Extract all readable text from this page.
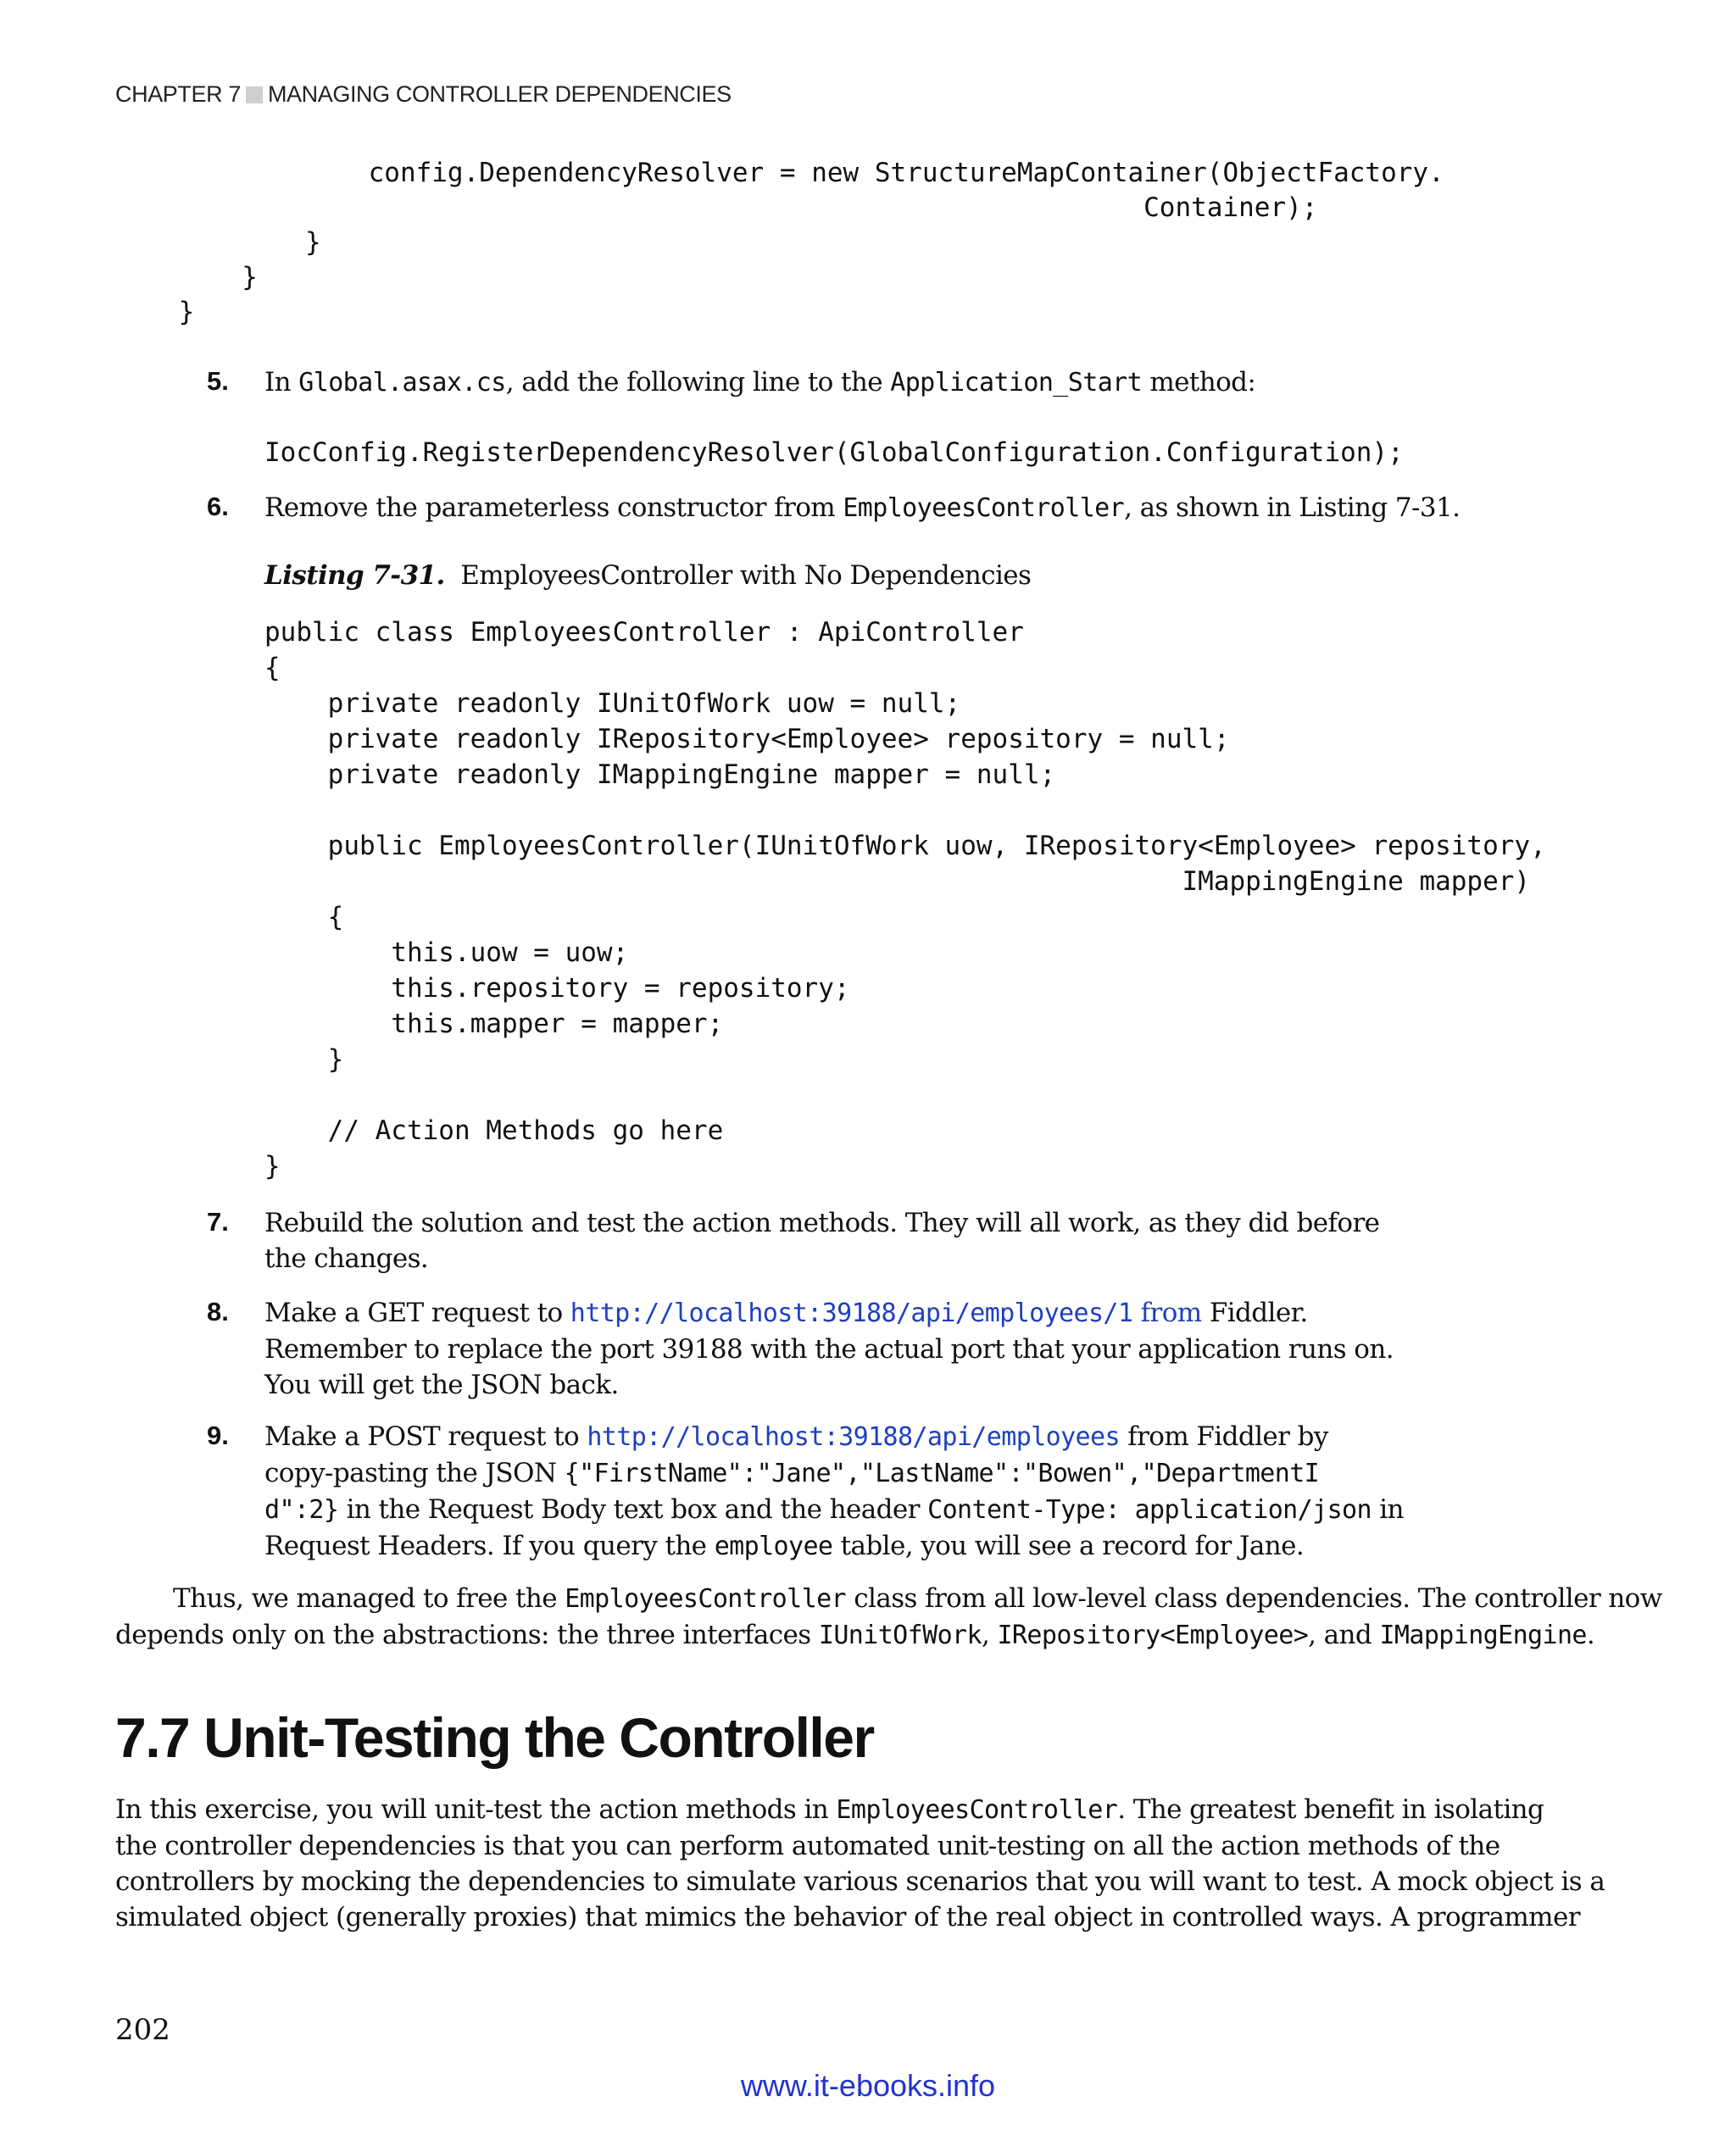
CHAPTER 7 MANAGING CONTROLLER DEPENDENCIES
config.DependencyResolver = new StructureMapContainer(ObjectFactory.
Container);
}
}
}
5. In Global.asax.cs, add the following line to the Application_Start method:
IocConfig.RegisterDependencyResolver(GlobalConfiguration.Configuration);
6. Remove the parameterless constructor from EmployeesController, as shown in Listing 7-31.
Listing 7-31. EmployeesController with No Dependencies
public class EmployeesController : ApiController
{
private readonly IUnitOfWork uow = null;
private readonly IRepository<Employee> repository = null;
private readonly IMappingEngine mapper = null;

public EmployeesController(IUnitOfWork uow, IRepository<Employee> repository,
IMappingEngine mapper)
{
this.uow = uow;
this.repository = repository;
this.mapper = mapper;
}

// Action Methods go here
}
7. Rebuild the solution and test the action methods. They will all work, as they did before
the changes.
8. Make a GET request to http://localhost:39188/api/employees/1 from Fiddler.
Remember to replace the port 39188 with the actual port that your application runs on.
You will get the JSON back.
9. Make a POST request to http://localhost:39188/api/employees from Fiddler by
copy-pasting the JSON {"FirstName":"Jane","LastName":"Bowen","DepartmentI
d":2} in the Request Body text box and the header Content-Type: application/json in
Request Headers. If you query the employee table, you will see a record for Jane.
Thus, we managed to free the EmployeesController class from all low-level class dependencies. The controller now
depends only on the abstractions: the three interfaces IUnitOfWork, IRepository<Employee>, and IMappingEngine.
7.7 Unit-Testing the Controller
In this exercise, you will unit-test the action methods in EmployeesController. The greatest benefit in isolating
the controller dependencies is that you can perform automated unit-testing on all the action methods of the
controllers by mocking the dependencies to simulate various scenarios that you will want to test. A mock object is a
simulated object (generally proxies) that mimics the behavior of the real object in controlled ways. A programmer
202
www.it-ebooks.info
